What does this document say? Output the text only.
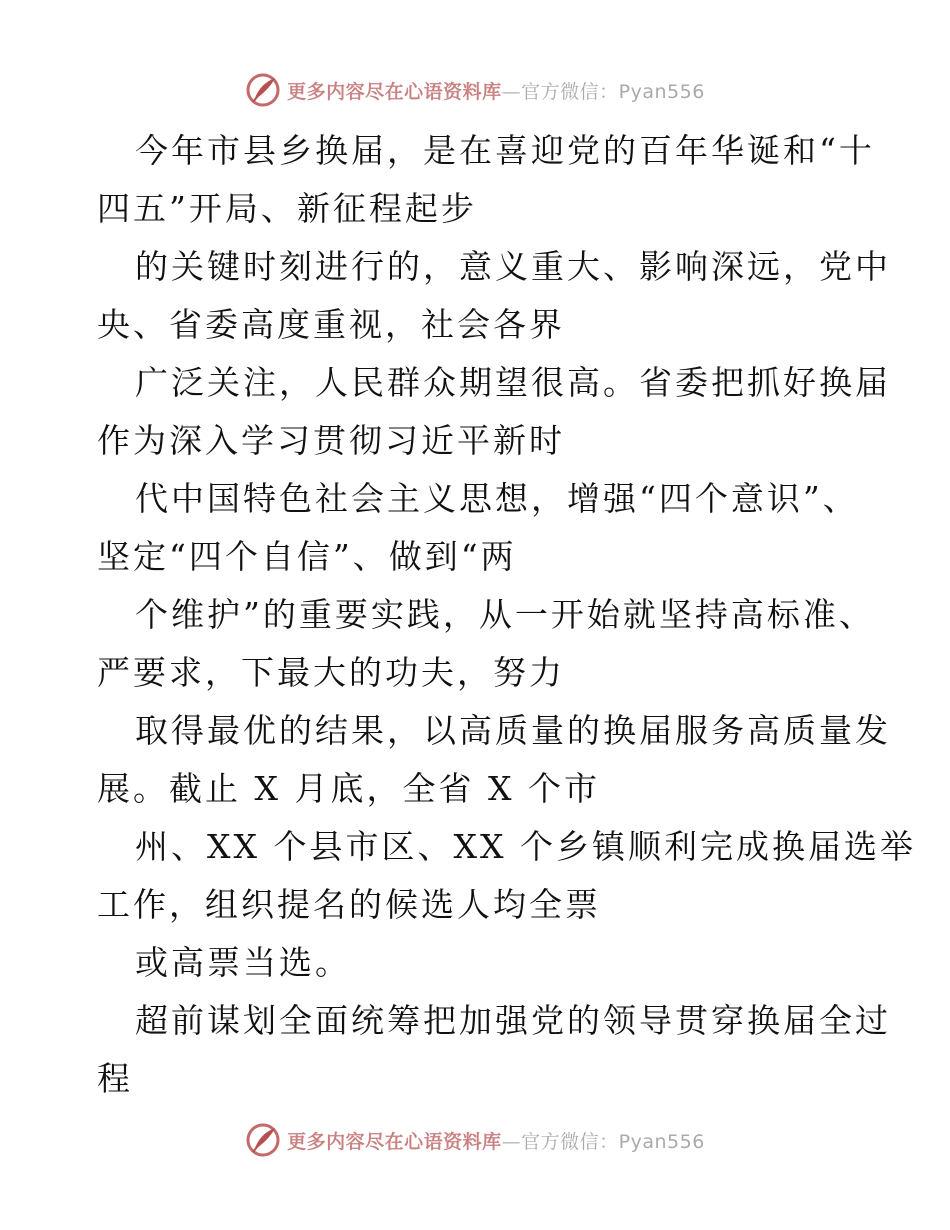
更多内容尽在心语资料库—官方微信：Pyan556
今年市县乡换届，是在喜迎党的百年华诞和“十
四五”开局、新征程起步
的关键时刻进行的，意义重大、影响深远，党中
央、省委高度重视，社会各界
广泛关注，人民群众期望很高。省委把抓好换届
作为深入学习贯彻习近平新时
代中国特色社会主义思想，增强“四个意识”、
坚定“四个自信”、做到“两
个维护”的重要实践，从一开始就坚持高标准、
严要求，下最大的功夫，努力
取得最优的结果，以高质量的换届服务高质量发
展。截止 X 月底，全省 X 个市
州、XX 个县市区、XX 个乡镇顺利完成换届选举
工作，组织提名的候选人均全票
或高票当选。
超前谋划全面统筹把加强党的领导贯穿换届全过
程
更多内容尽在心语资料库—官方微信：Pyan556
